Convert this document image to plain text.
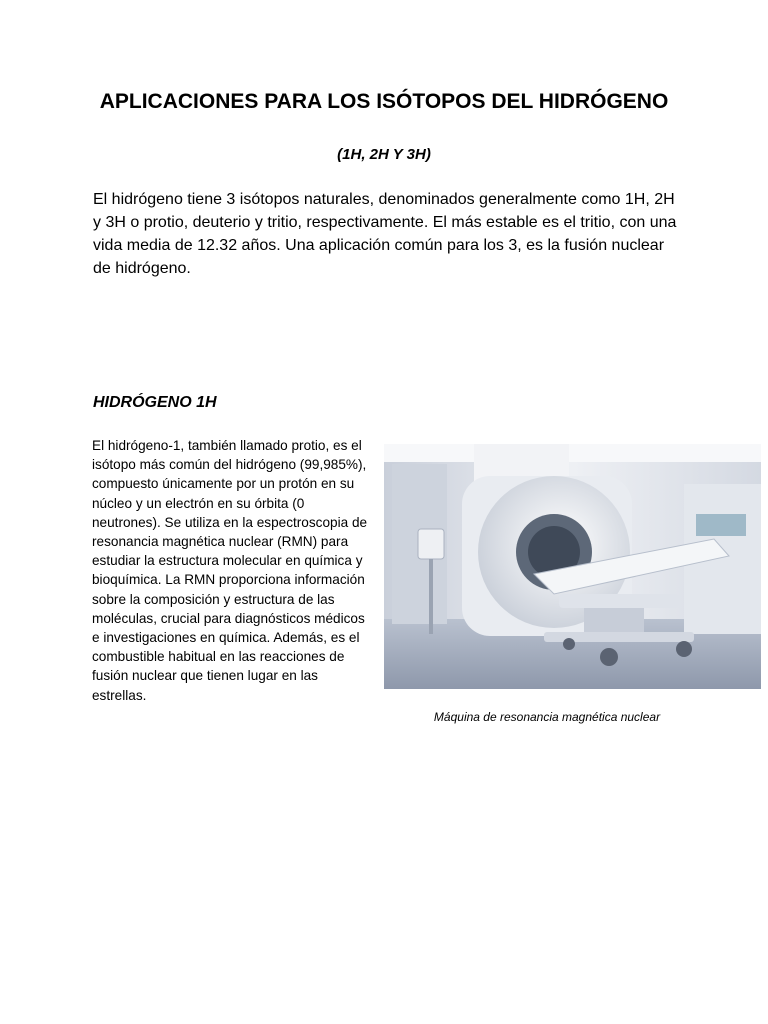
APLICACIONES PARA LOS ISÓTOPOS DEL HIDRÓGENO
(1H, 2H Y 3H)

El hidrógeno tiene 3 isótopos naturales, denominados generalmente como 1H, 2H y 3H o protio, deuterio y tritio, respectivamente. El más estable es el tritio, con una vida media de 12.32 años. Una aplicación común para los 3, es la fusión nuclear de hidrógeno.

HIDRÓGENO 1H

El hidrógeno-1, también llamado protio, es el isótopo más común del hidrógeno (99,985%), compuesto únicamente por un protón en su núcleo y un electrón en su órbita (0 neutrones). Se utiliza en la espectroscopia de resonancia magnética nuclear (RMN) para estudiar la estructura molecular en química y bioquímica. La RMN proporciona información sobre la composición y estructura de las moléculas, crucial para diagnósticos médicos e investigaciones en química. Además, es el combustible habitual en las reacciones de fusión nuclear que tienen lugar en las estrellas.

Máquina de resonancia magnética nuclear
